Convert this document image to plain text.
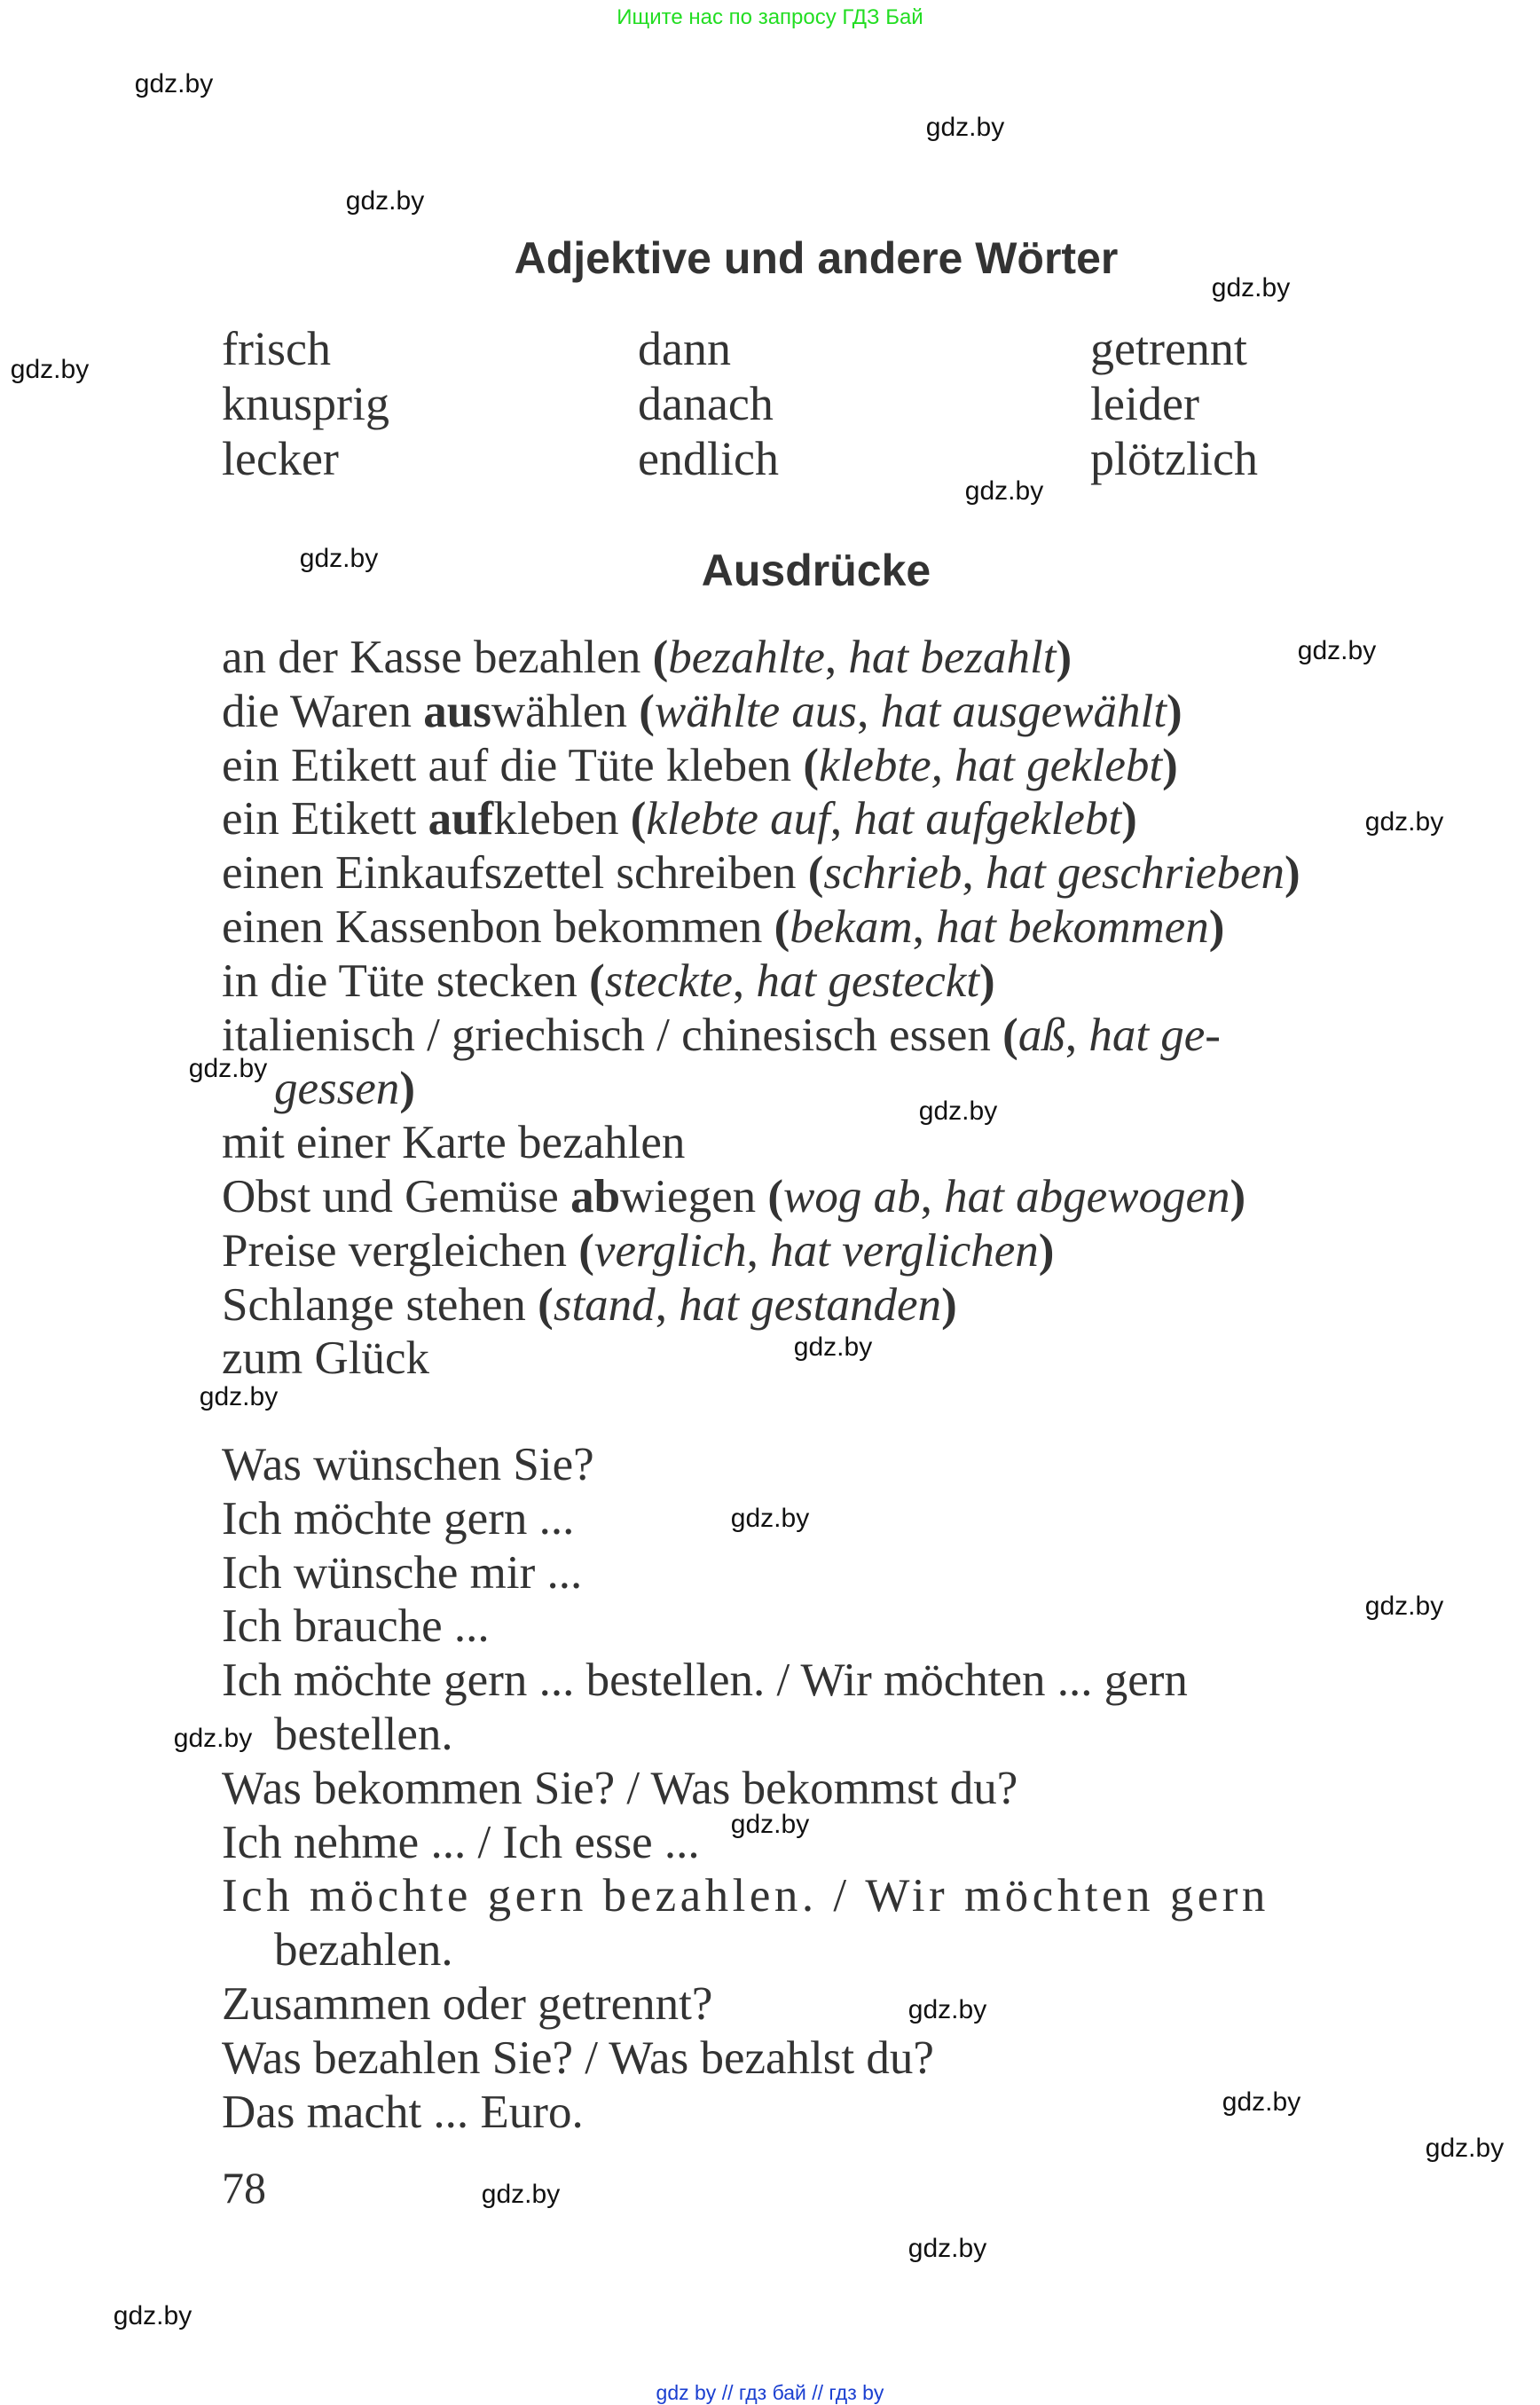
Ищите нас по запросу ГДЗ Бай
Adjektive und andere Wörter
frisch
knusprig
lecker
dann
danach
endlich
getrennt
leider
plötzlich
Ausdrücke
an der Kasse bezahlen (bezahlte, hat bezahlt)
die Waren auswählen (wählte aus, hat ausgewählt)
ein Etikett auf die Tüte kleben (klebte, hat geklebt)
ein Etikett aufkleben (klebte auf, hat aufgeklebt)
einen Einkaufszettel schreiben (schrieb, hat geschrieben)
einen Kassenbon bekommen (bekam, hat bekommen)
in die Tüte stecken (steckte, hat gesteckt)
italienisch / griechisch / chinesisch essen (aß, hat ge-
gessen)
mit einer Karte bezahlen
Obst und Gemüse abwiegen (wog ab, hat abgewogen)
Preise vergleichen (verglich, hat verglichen)
Schlange stehen (stand, hat gestanden)
zum Glück
Was wünschen Sie?
Ich möchte gern ...
Ich wünsche mir ...
Ich brauche ...
Ich möchte gern ... bestellen. / Wir möchten ... gern
bestellen.
Was bekommen Sie? / Was bekommst du?
Ich nehme ... / Ich esse ...
Ich möchte gern bezahlen. / Wir möchten gern
bezahlen.
Zusammen oder getrennt?
Was bezahlen Sie? / Was bezahlst du?
Das macht ... Euro.
78
gdz.by
gdz.by
gdz.by
gdz.by
gdz.by
gdz.by
gdz.by
gdz.by
gdz.by
gdz.by
gdz.by
gdz.by
gdz.by
gdz.by
gdz.by
gdz.by
gdz.by
gdz.by
gdz.by
gdz.by
gdz.by
gdz.by
gdz.by
gdz by // гдз бай // гдз by
